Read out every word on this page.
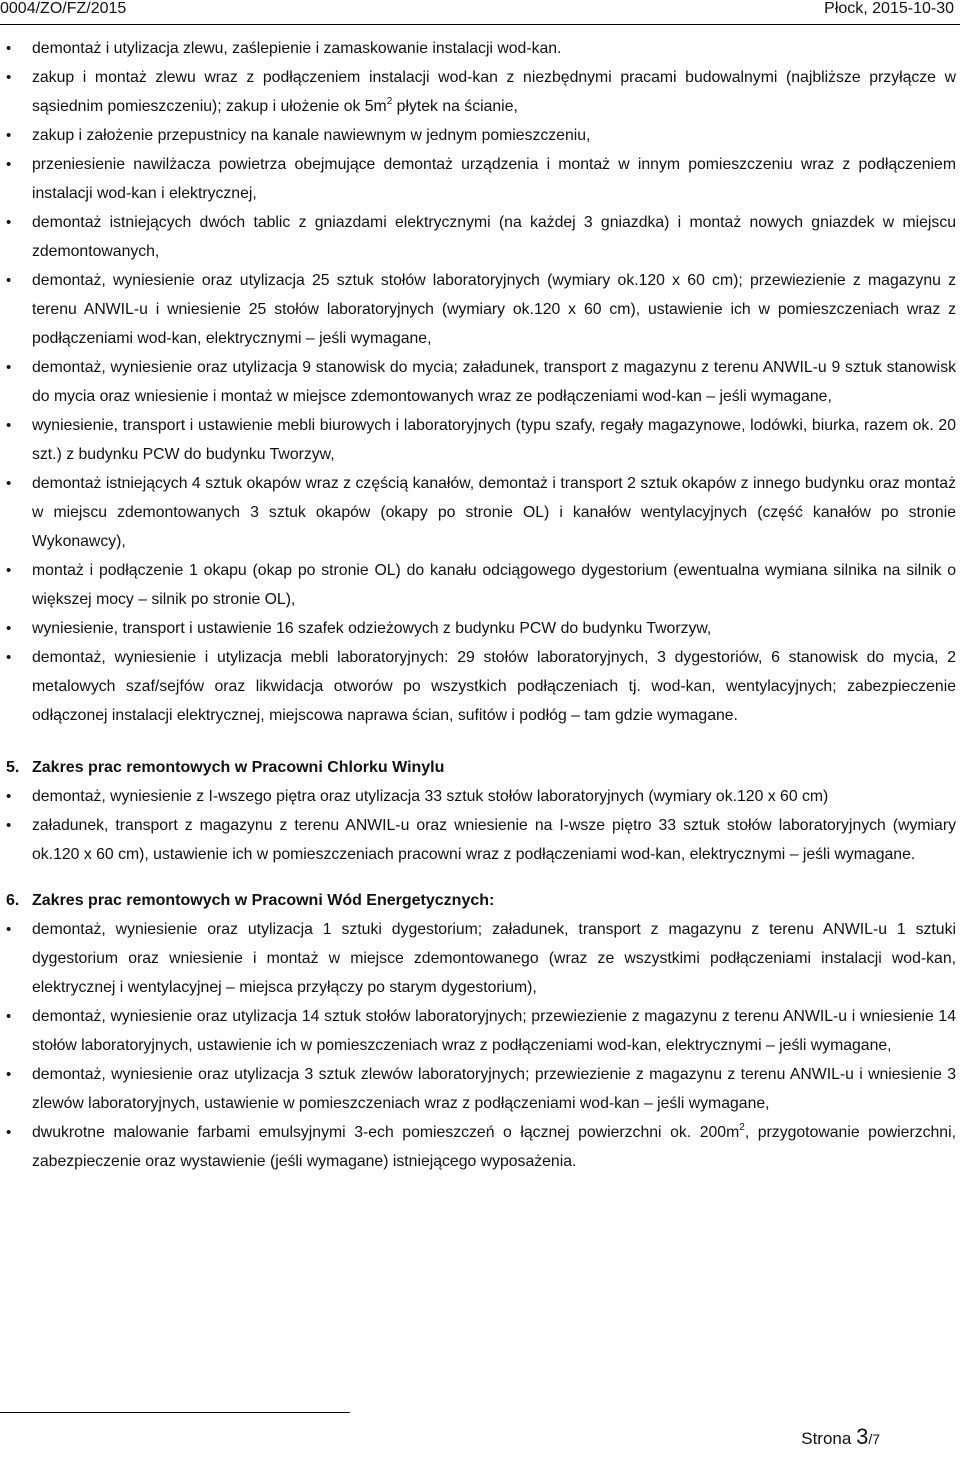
0004/ZO/FZ/2015	Płock, 2015-10-30
•	demontaż i utylizacja zlewu, zaślepienie i zamaskowanie instalacji wod-kan.
•	zakup i montaż zlewu wraz z podłączeniem instalacji wod-kan z niezbędnymi pracami budowalnymi (najbliższe przyłącze w sąsiednim pomieszczeniu); zakup i ułożenie ok $5m^2$ płytek na ścianie,
•	zakup i założenie przepustnicy na kanale nawiewnym w jednym pomieszczeniu,
•	przeniesienie nawilżacza powietrza obejmujące demontaż urządzenia i montaż w innym pomieszczeniu wraz z podłączeniem instalacji wod-kan i elektrycznej,
•	demontaż istniejących dwóch tablic z gniazdami elektrycznymi (na każdej 3 gniazdka) i montaż nowych gniazdek w miejscu zdemontowanych,
•	demontaż, wyniesienie oraz utylizacja 25 sztuk stołów laboratoryjnych (wymiary ok.120 x 60 cm); przewiezienie z magazynu z terenu ANWIL-u i wniesienie 25 stołów laboratoryjnych (wymiary ok.120 x 60 cm), ustawienie ich w pomieszczeniach wraz z podłączeniami wod-kan, elektrycznymi – jeśli wymagane,
•	demontaż, wyniesienie oraz utylizacja 9 stanowisk do mycia; załadunek, transport z magazynu z terenu ANWIL-u 9 sztuk stanowisk do mycia oraz wniesienie i montaż w miejsce zdemontowanych wraz ze podłączeniami wod-kan – jeśli wymagane,
•	wyniesienie, transport i ustawienie mebli biurowych i laboratoryjnych (typu szafy, regały magazynowe, lodówki, biurka, razem ok. 20 szt.) z budynku PCW do budynku Tworzyw,
•	demontaż istniejących 4 sztuk okapów wraz z częścią kanałów, demontaż i transport 2 sztuk okapów z innego budynku oraz montaż w miejscu zdemontowanych 3 sztuk okapów (okapy po stronie OL) i kanałów wentylacyjnych (część kanałów po stronie Wykonawcy),
•	montaż i podłączenie 1 okapu (okap po stronie OL) do kanału odciągowego dygestorium (ewentualna wymiana silnika na silnik o większej mocy – silnik po stronie OL),
•	wyniesienie, transport i ustawienie 16 szafek odzieżowych z budynku PCW do budynku Tworzyw,
•	demontaż, wyniesienie i utylizacja mebli laboratoryjnych: 29 stołów laboratoryjnych, 3 dygestoriów, 6 stanowisk do mycia, 2 metalowych szaf/sejfów oraz likwidacja otworów po wszystkich podłączeniach tj. wod-kan, wentylacyjnych; zabezpieczenie odłączonej instalacji elektrycznej, miejscowa naprawa ścian, sufitów i podłóg – tam gdzie wymagane.
5. Zakres prac remontowych w Pracowni Chlorku Winylu
•	demontaż, wyniesienie z I-wszego piętra oraz utylizacja 33 sztuk stołów laboratoryjnych (wymiary ok.120 x 60 cm)
•	załadunek, transport z magazynu z terenu ANWIL-u oraz wniesienie na I-wsze piętro 33 sztuk stołów laboratoryjnych (wymiary ok.120 x 60 cm), ustawienie ich w pomieszczeniach pracowni wraz z podłączeniami wod-kan, elektrycznymi – jeśli wymagane.
6. Zakres prac remontowych w Pracowni Wód Energetycznych:
•	demontaż, wyniesienie oraz utylizacja 1 sztuki dygestorium; załadunek, transport z magazynu z terenu ANWIL-u 1 sztuki dygestorium oraz wniesienie i montaż w miejsce zdemontowanego (wraz ze wszystkimi podłączeniami instalacji wod-kan, elektrycznej i wentylacyjnej – miejsca przyłączy po starym dygestorium),
•	demontaż, wyniesienie oraz utylizacja 14 sztuk stołów laboratoryjnych; przewiezienie z magazynu z terenu ANWIL-u i wniesienie 14 stołów laboratoryjnych, ustawienie ich w pomieszczeniach wraz z podłączeniami wod-kan, elektrycznymi – jeśli wymagane,
•	demontaż, wyniesienie oraz utylizacja 3 sztuk zlewów laboratoryjnych; przewiezienie z magazynu z terenu ANWIL-u i wniesienie 3 zlewów laboratoryjnych, ustawienie w pomieszczeniach wraz z podłączeniami wod-kan – jeśli wymagane,
•	dwukrotne malowanie farbami emulsyjnymi 3-ech pomieszczeń o łącznej powierzchni ok. $200m^2$, przygotowanie powierzchni, zabezpieczenie oraz wystawienie (jeśli wymagane) istniejącego wyposażenia.
Strona 3/7
